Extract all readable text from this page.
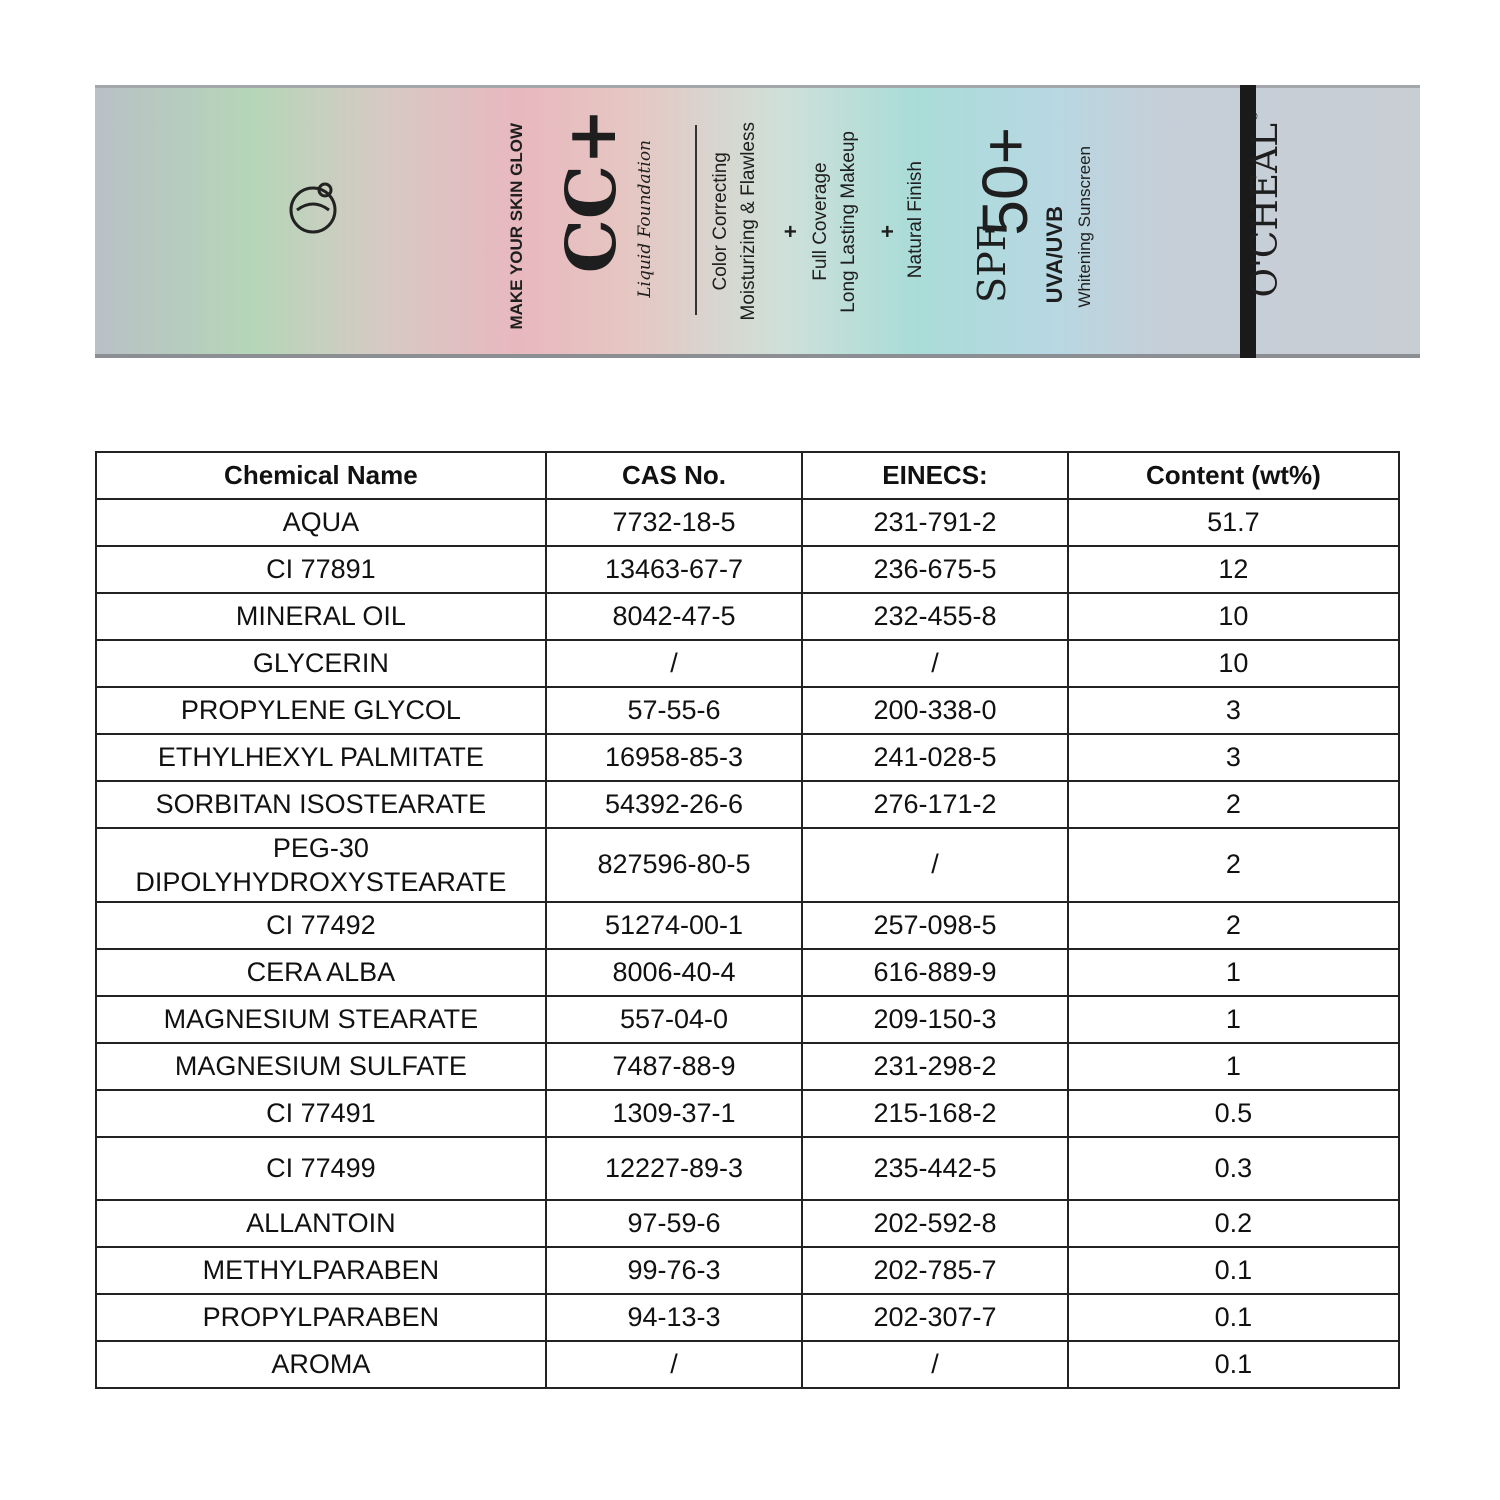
MAKE YOUR SKIN GLOW CC+ Liquid Foundation	Color Correcting Moisturizing & Flawless + Full Coverage Long Lasting Makeup + Natural Finish SPF
50+
UVA/UVB Whitening Sunscreen	O'CHEAL®
Chemical Name	CAS No.	EINECS:	Content (wt%)
AQUA	7732-18-5	231-791-2	51.7
CI 77891	13463-67-7	236-675-5	12
MINERAL OIL	8042-47-5	232-455-8	10
GLYCERIN	/	/	10
PROPYLENE GLYCOL	57-55-6	200-338-0	3
ETHYLHEXYL PALMITATE	16958-85-3	241-028-5	3
SORBITAN ISOSTEARATE	54392-26-6	276-171-2	2
PEG-30 DIPOLYHYDROXYSTEARATE	827596-80-5	/	2
CI 77492	51274-00-1	257-098-5	2
CERA ALBA	8006-40-4	616-889-9	1
MAGNESIUM STEARATE	557-04-0	209-150-3	1
MAGNESIUM SULFATE	7487-88-9	231-298-2	1
CI 77491	1309-37-1	215-168-2	0.5
CI 77499	12227-89-3	235-442-5	0.3
ALLANTOIN	97-59-6	202-592-8	0.2
METHYLPARABEN	99-76-3	202-785-7	0.1
PROPYLPARABEN	94-13-3	202-307-7	0.1
AROMA	/	/	0.1
